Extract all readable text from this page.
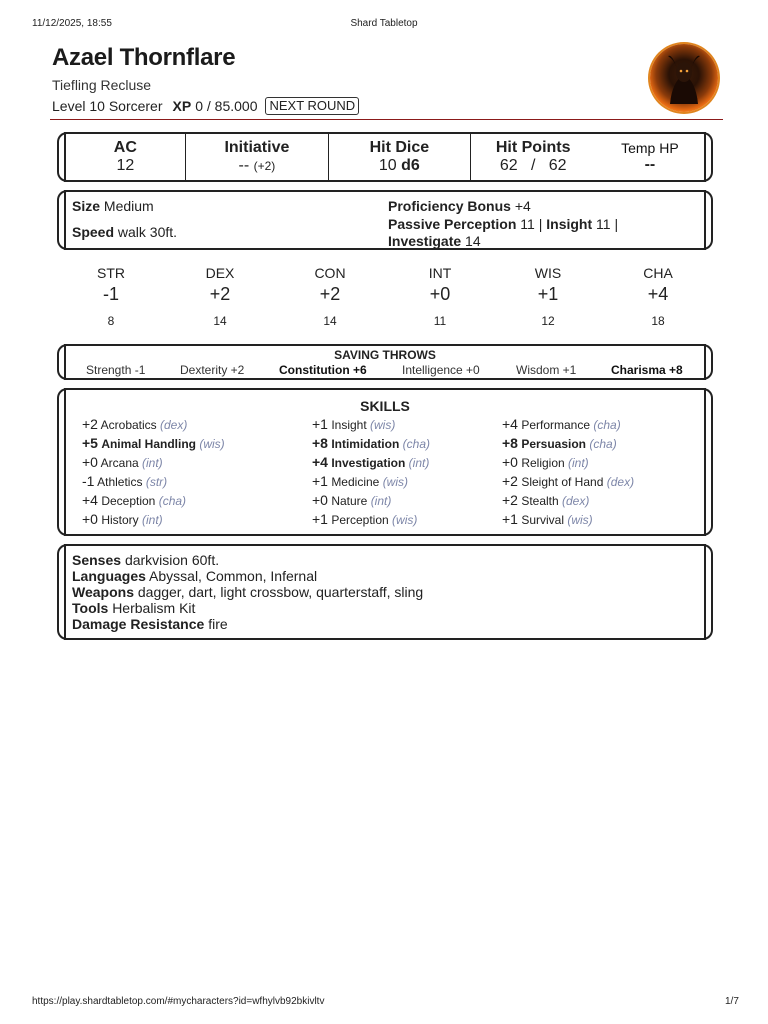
11/12/2025, 18:55	Shard Tabletop
Azael Thornflare
Tiefling Recluse
Level 10 Sorcerer XP 0 / 85.000 NEXT ROUND
AC
12
Initiative
-- (+2)
Hit Dice
10 d6
Hit Points
62 / 62
Temp HP
--
Size Medium
Speed walk 30ft.
Proficiency Bonus +4
Passive Perception 11 | Insight 11 |
Investigate 14
STR
-1
8
DEX
+2
14
CON
+2
14
INT
+0
11
WIS
+1
12
CHA
+4
18
SAVING THROWS
Strength -1	Dexterity +2	Constitution +6	Intelligence +0	Wisdom +1	Charisma +8
SKILLS
+2 Acrobatics (dex)
+5 Animal Handling (wis)
+0 Arcana (int)
-1 Athletics (str)
+4 Deception (cha)
+0 History (int)
+1 Insight (wis)
+8 Intimidation (cha)
+4 Investigation (int)
+1 Medicine (wis)
+0 Nature (int)
+1 Perception (wis)
+4 Performance (cha)
+8 Persuasion (cha)
+0 Religion (int)
+2 Sleight of Hand (dex)
+2 Stealth (dex)
+1 Survival (wis)
Senses darkvision 60ft.
Languages Abyssal, Common, Infernal
Weapons dagger, dart, light crossbow, quarterstaff, sling
Tools Herbalism Kit
Damage Resistance fire
https://play.shardtabletop.com/#mycharacters?id=wfhylvb92bkivltv	1/7
